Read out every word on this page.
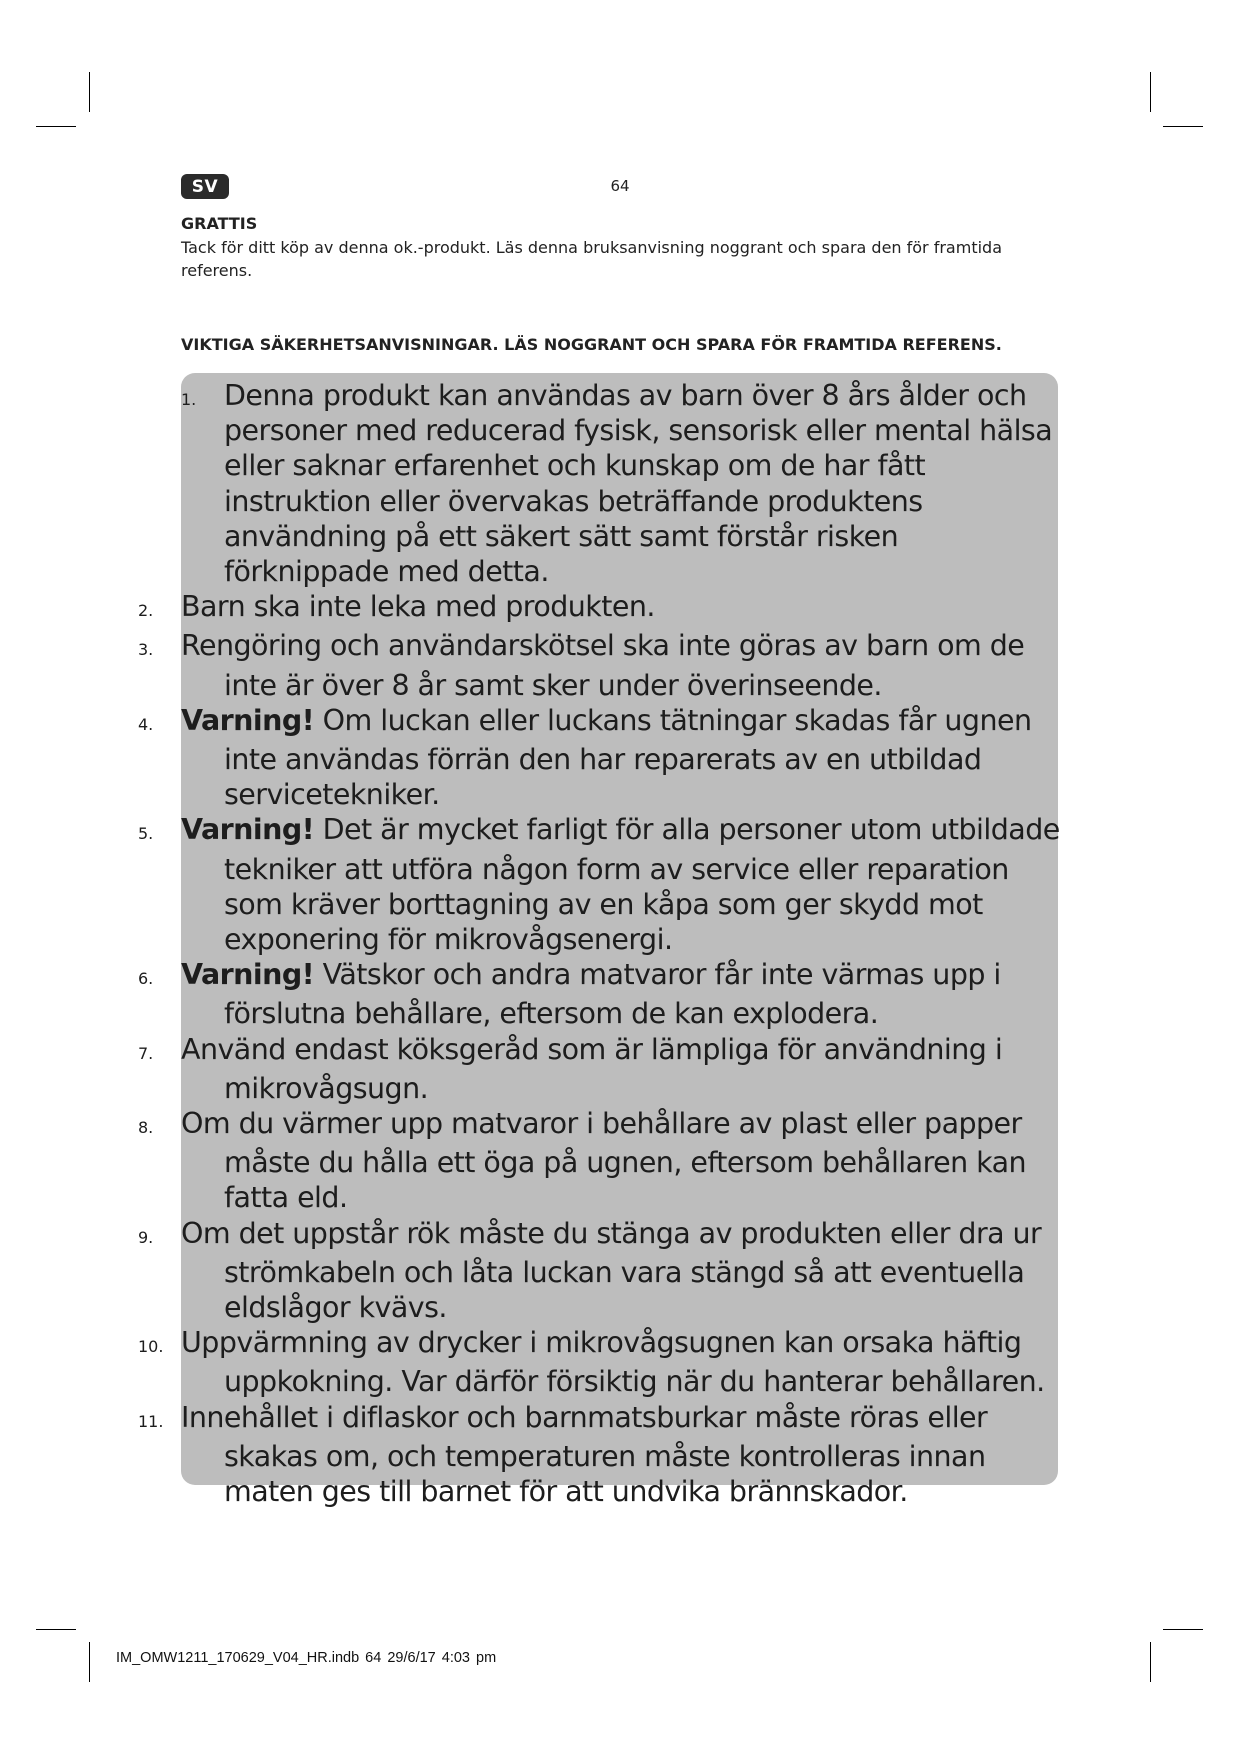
SV	64
GRATTIS
Tack för ditt köp av denna ok.-produkt. Läs denna bruksanvisning noggrant och spara den för framtida referens.
VIKTIGA SÄKERHETSANVISNINGAR. LÄS NOGGRANT OCH SPARA FÖR FRAMTIDA REFERENS.
1. Denna produkt kan användas av barn över 8 års ålder och personer med reducerad fysisk, sensorisk eller mental hälsa eller saknar erfarenhet och kunskap om de har fått instruktion eller övervakas beträffande produktens användning på ett säkert sätt samt förstår risken förknippade med detta.
2. Barn ska inte leka med produkten.
3. Rengöring och användarskötsel ska inte göras av barn om de inte är över 8 år samt sker under överinseende.
4. Varning! Om luckan eller luckans tätningar skadas får ugnen inte användas förrän den har reparerats av en utbildad servicetekniker.
5. Varning! Det är mycket farligt för alla personer utom utbildade tekniker att utföra någon form av service eller reparation som kräver borttagning av en kåpa som ger skydd mot exponering för mikrovågsenergi.
6. Varning! Vätskor och andra matvaror får inte värmas upp i förslutna behållare, eftersom de kan explodera.
7. Använd endast köksgeråd som är lämpliga för användning i mikrovågsugn.
8. Om du värmer upp matvaror i behållare av plast eller papper måste du hålla ett öga på ugnen, eftersom behållaren kan fatta eld.
9. Om det uppstår rök måste du stänga av produkten eller dra ur strömkabeln och låta luckan vara stängd så att eventuella eldslågor kvävs.
10. Uppvärmning av drycker i mikrovågsugnen kan orsaka häftig uppkokning. Var därför försiktig när du hanterar behållaren.
11. Innehållet i diflaskor och barnmatsburkar måste röras eller skakas om, och temperaturen måste kontrolleras innan maten ges till barnet för att undvika brännskador.
IM_OMW1211_170629_V04_HR.indb 64 29/6/17 4:03 pm
